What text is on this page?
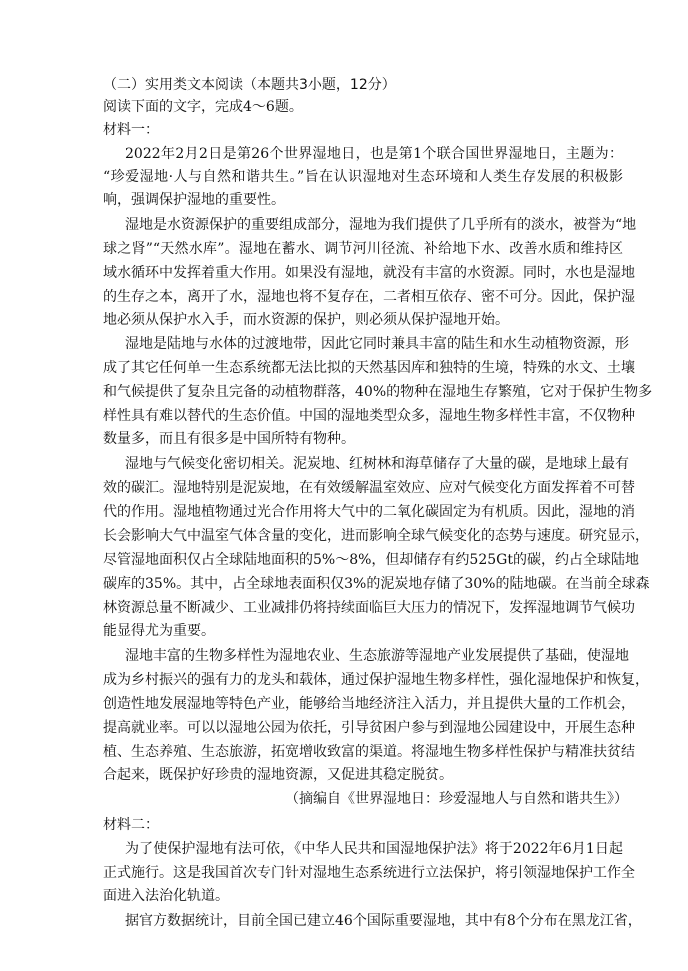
（二）实用类文本阅读（本题共3小题，12分）
阅读下面的文字，完成4～6题。
材料一：
2022年2月2日是第26个世界湿地日，也是第1个联合国世界湿地日，主题为：
“珍爱湿地·人与自然和谐共生。”旨在认识湿地对生态环境和人类生存发展的积极影
响，强调保护湿地的重要性。
湿地是水资源保护的重要组成部分，湿地为我们提供了几乎所有的淡水，被誉为“地
球之肾”“天然水库”。湿地在蓄水、调节河川径流、补给地下水、改善水质和维持区
域水循环中发挥着重大作用。如果没有湿地，就没有丰富的水资源。同时，水也是湿地
的生存之本，离开了水，湿地也将不复存在，二者相互依存、密不可分。因此，保护湿
地必须从保护水入手，而水资源的保护，则必须从保护湿地开始。
湿地是陆地与水体的过渡地带，因此它同时兼具丰富的陆生和水生动植物资源，形
成了其它任何单一生态系统都无法比拟的天然基因库和独特的生境，特殊的水文、土壤
和气候提供了复杂且完备的动植物群落，40%的物种在湿地生存繁殖，它对于保护生物多
样性具有难以替代的生态价值。中国的湿地类型众多，湿地生物多样性丰富，不仅物种
数量多，而且有很多是中国所特有物种。
湿地与气候变化密切相关。泥炭地、红树林和海草储存了大量的碳，是地球上最有
效的碳汇。湿地特别是泥炭地，在有效缓解温室效应、应对气候变化方面发挥着不可替
代的作用。湿地植物通过光合作用将大气中的二氧化碳固定为有机质。因此，湿地的消
长会影响大气中温室气体含量的变化，进而影响全球气候变化的态势与速度。研究显示，
尽管湿地面积仅占全球陆地面积的5%～8%，但却储存有约525Gt的碳，约占全球陆地
碳库的35%。其中，占全球地表面积仅3%的泥炭地存储了30%的陆地碳。在当前全球森
林资源总量不断减少、工业减排仍将持续面临巨大压力的情况下，发挥湿地调节气候功
能显得尤为重要。
湿地丰富的生物多样性为湿地农业、生态旅游等湿地产业发展提供了基础，使湿地
成为乡村振兴的强有力的龙头和载体，通过保护湿地生物多样性，强化湿地保护和恢复，
创造性地发展湿地等特色产业，能够给当地经济注入活力，并且提供大量的工作机会，
提高就业率。可以以湿地公园为依托，引导贫困户参与到湿地公园建设中，开展生态种
植、生态养殖、生态旅游，拓宽增收致富的渠道。将湿地生物多样性保护与精准扶贫结
合起来，既保护好珍贵的湿地资源，又促进其稳定脱贫。
（摘编自《世界湿地日：珍爱湿地人与自然和谐共生》）
材料二：
为了使保护湿地有法可依，《中华人民共和国湿地保护法》将于2022年6月1日起
正式施行。这是我国首次专门针对湿地生态系统进行立法保护，将引领湿地保护工作全
面进入法治化轨道。
据官方数据统计，目前全国已建立46个国际重要湿地，其中有8个分布在黑龙江省，
